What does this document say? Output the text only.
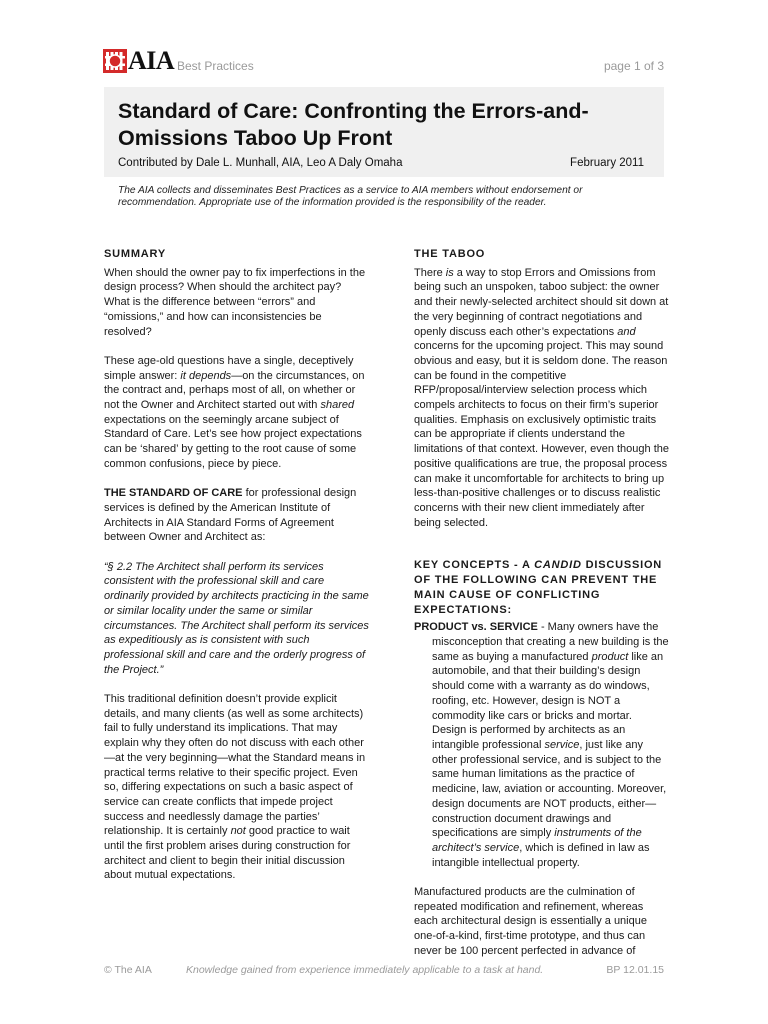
AIA Best Practices	page 1 of 3
Standard of Care: Confronting the Errors-and-Omissions Taboo Up Front
Contributed by Dale L. Munhall, AIA, Leo A Daly Omaha	February 2011

The AIA collects and disseminates Best Practices as a service to AIA members without endorsement or recommendation. Appropriate use of the information provided is the responsibility of the reader.

SUMMARY

When should the owner pay to fix imperfections in the design process? When should the architect pay? What is the difference between “errors” and “omissions,” and how can inconsistencies be resolved?

These age-old questions have a single, deceptively simple answer: it depends—on the circumstances, on the contract and, perhaps most of all, on whether or not the Owner and Architect started out with shared expectations on the seemingly arcane subject of Standard of Care. Let’s see how project expectations can be ‘shared’ by getting to the root cause of some common confusions, piece by piece.

THE STANDARD OF CARE for professional design services is defined by the American Institute of Architects in AIA Standard Forms of Agreement between Owner and Architect as:

“§ 2.2 The Architect shall perform its services consistent with the professional skill and care ordinarily provided by architects practicing in the same or similar locality under the same or similar circumstances. The Architect shall perform its services as expeditiously as is consistent with such professional skill and care and the orderly progress of the Project.”

This traditional definition doesn’t provide explicit details, and many clients (as well as some architects) fail to fully understand its implications. That may explain why they often do not discuss with each other—at the very beginning—what the Standard means in practical terms relative to their specific project. Even so, differing expectations on such a basic aspect of service can create conflicts that impede project success and needlessly damage the parties’ relationship. It is certainly not good practice to wait until the first problem arises during construction for architect and client to begin their initial discussion about mutual expectations.

THE TABOO

There is a way to stop Errors and Omissions from being such an unspoken, taboo subject: the owner and their newly-selected architect should sit down at the very beginning of contract negotiations and openly discuss each other’s expectations and concerns for the upcoming project. This may sound obvious and easy, but it is seldom done. The reason can be found in the competitive RFP/proposal/interview selection process which compels architects to focus on their firm’s superior qualities. Emphasis on exclusively optimistic traits can be appropriate if clients understand the limitations of that context. However, even though the positive qualifications are true, the proposal process can make it uncomfortable for architects to bring up less-than-positive challenges or to discuss realistic concerns with their new client immediately after being selected.

KEY CONCEPTS - A CANDID DISCUSSION OF THE FOLLOWING CAN PREVENT THE MAIN CAUSE OF CONFLICTING EXPECTATIONS:

PRODUCT vs. SERVICE - Many owners have the misconception that creating a new building is the same as buying a manufactured product like an automobile, and that their building’s design should come with a warranty as do windows, roofing, etc. However, design is NOT a commodity like cars or bricks and mortar. Design is performed by architects as an intangible professional service, just like any other professional service, and is subject to the same human limitations as the practice of medicine, law, aviation or accounting. Moreover, design documents are NOT products, either—construction document drawings and specifications are simply instruments of the architect’s service, which is defined in law as intangible intellectual property.

Manufactured products are the culmination of repeated modification and refinement, whereas each architectural design is essentially a unique one-of-a-kind, first-time prototype, and thus can never be 100 percent perfected in advance of

© The AIA	Knowledge gained from experience immediately applicable to a task at hand.	BP 12.01.15
